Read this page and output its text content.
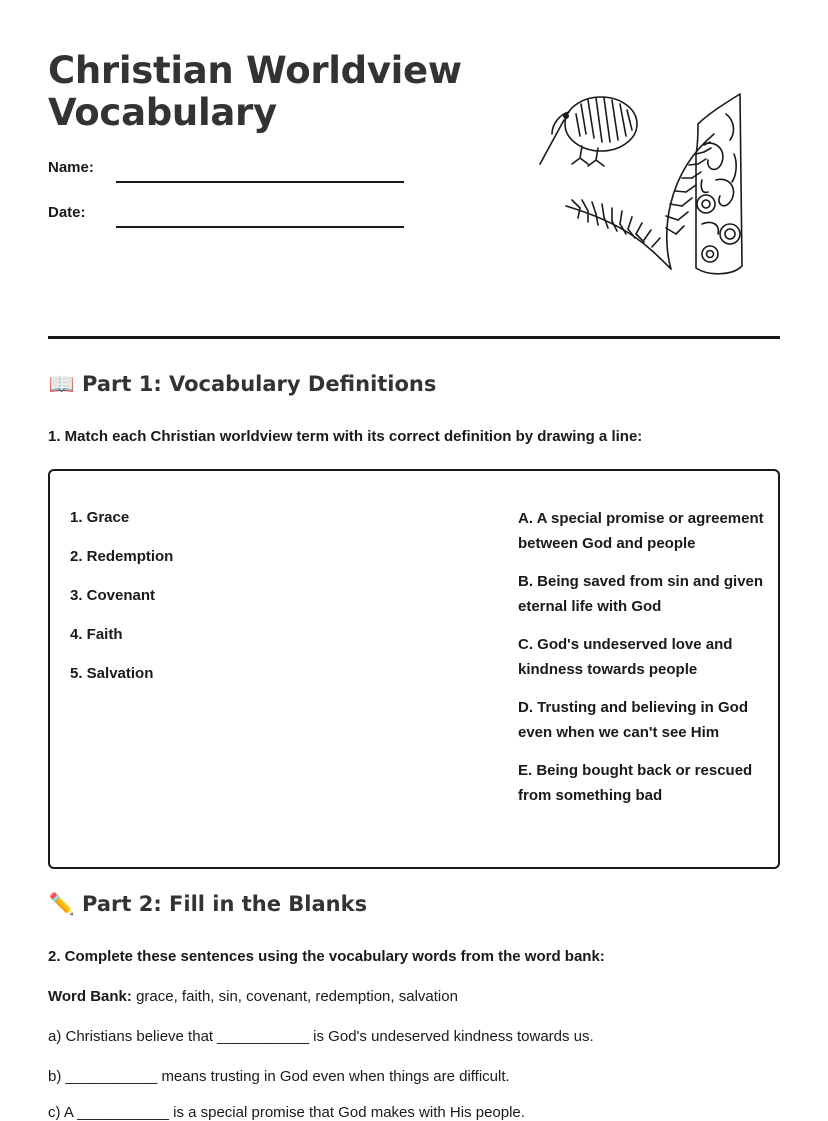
Christian Worldview
Vocabulary
Name:
Date:
📖 Part 1: Vocabulary Definitions
1. Match each Christian worldview term with its correct definition by drawing a line:
1. Grace
2. Redemption
3. Covenant
4. Faith
5. Salvation
A. A special promise or agreement between God and people
B. Being saved from sin and given eternal life with God
C. God's undeserved love and kindness towards people
D. Trusting and believing in God even when we can't see Him
E. Being bought back or rescued from something bad
✏️ Part 2: Fill in the Blanks
2. Complete these sentences using the vocabulary words from the word bank:
Word Bank: grace, faith, sin, covenant, redemption, salvation
a) Christians believe that ___________ is God's undeserved kindness towards us.
b) ___________ means trusting in God even when things are difficult.
c) A ___________ is a special promise that God makes with His people.
